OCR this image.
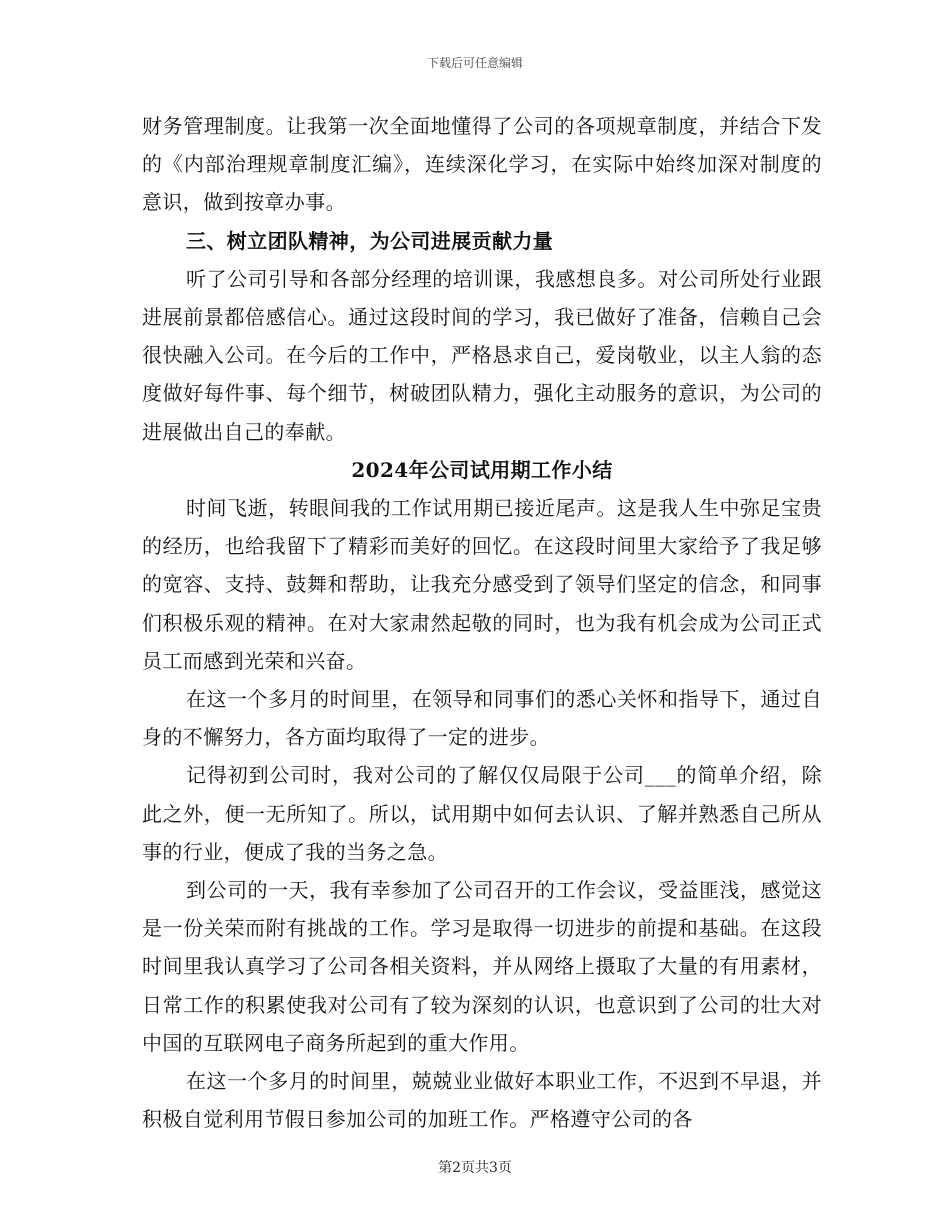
下载后可任意编辑

财务管理制度。让我第一次全面地懂得了公司的各项规章制度，并结合下发的《内部治理规章制度汇编》，连续深化学习，在实际中始终加深对制度的意识，做到按章办事。

三、树立团队精神，为公司进展贡献力量

听了公司引导和各部分经理的培训课，我感想良多。对公司所处行业跟进展前景都倍感信心。通过这段时间的学习，我已做好了准备，信赖自己会很快融入公司。在今后的工作中，严格恳求自己，爱岗敬业，以主人翁的态度做好每件事、每个细节，树破团队精力，强化主动服务的意识，为公司的进展做出自己的奉献。

2024年公司试用期工作小结

时间飞逝，转眼间我的工作试用期已接近尾声。这是我人生中弥足宝贵的经历，也给我留下了精彩而美好的回忆。在这段时间里大家给予了我足够的宽容、支持、鼓舞和帮助，让我充分感受到了领导们坚定的信念，和同事们积极乐观的精神。在对大家肃然起敬的同时，也为我有机会成为公司正式员工而感到光荣和兴奋。

在这一个多月的时间里，在领导和同事们的悉心关怀和指导下，通过自身的不懈努力，各方面均取得了一定的进步。

记得初到公司时，我对公司的了解仅仅局限于公司___的简单介绍，除此之外，便一无所知了。所以，试用期中如何去认识、了解并熟悉自己所从事的行业，便成了我的当务之急。

到公司的一天，我有幸参加了公司召开的工作会议，受益匪浅，感觉这是一份关荣而附有挑战的工作。学习是取得一切进步的前提和基础。在这段时间里我认真学习了公司各相关资料，并从网络上摄取了大量的有用素材，日常工作的积累使我对公司有了较为深刻的认识，也意识到了公司的壮大对中国的互联网电子商务所起到的重大作用。

在这一个多月的时间里，兢兢业业做好本职业工作，不迟到不早退，并积极自觉利用节假日参加公司的加班工作。严格遵守公司的各

第2页共3页
